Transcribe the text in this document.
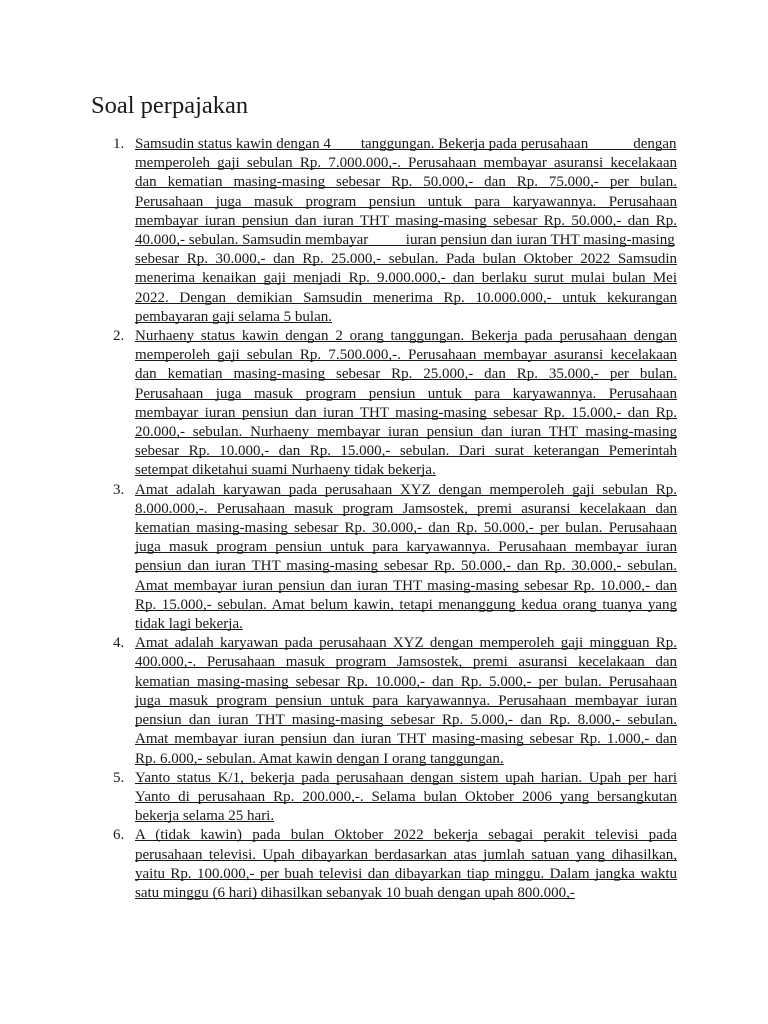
Soal perpajakan
1. Samsudin status kawin dengan 4        tanggungan. Bekerja pada perusahaan            dengan
memperoleh gaji sebulan Rp. 7.000.000,-. Perusahaan membayar asuransi kecelakaan
dan kematian masing-masing sebesar Rp. 50.000,- dan Rp. 75.000,- per bulan.
Perusahaan juga masuk program pensiun untuk para karyawannya. Perusahaan
membayar iuran pensiun dan iuran THT masing-masing sebesar Rp. 50.000,- dan Rp.
40.000,- sebulan. Samsudin membayar          iuran pensiun dan iuran THT masing-masing
sebesar Rp. 30.000,- dan Rp. 25.000,- sebulan. Pada bulan Oktober 2022 Samsudin
menerima kenaikan gaji menjadi Rp. 9.000.000,- dan berlaku surut mulai bulan Mei
2022. Dengan demikian Samsudin menerima Rp. 10.000.000,- untuk kekurangan
pembayaran gaji selama 5 bulan.
2. Nurhaeny status kawin dengan 2 orang tanggungan. Bekerja pada perusahaan dengan
memperoleh gaji sebulan Rp. 7.500.000,-. Perusahaan membayar asuransi kecelakaan
dan kematian masing-masing sebesar Rp. 25.000,- dan Rp. 35.000,- per bulan.
Perusahaan juga masuk program pensiun untuk para karyawannya. Perusahaan
membayar iuran pensiun dan iuran THT masing-masing sebesar Rp. 15.000,- dan Rp.
20.000,- sebulan. Nurhaeny membayar iuran pensiun dan iuran THT masing-masing
sebesar Rp. 10.000,- dan Rp. 15.000,- sebulan. Dari surat keterangan Pemerintah
setempat diketahui suami Nurhaeny tidak bekerja.
3. Amat adalah karyawan pada perusahaan XYZ dengan memperoleh gaji sebulan Rp.
8.000.000,-. Perusahaan masuk program Jamsostek, premi asuransi kecelakaan dan
kematian masing-masing sebesar Rp. 30.000,- dan Rp. 50.000,- per bulan. Perusahaan
juga masuk program pensiun untuk para karyawannya. Perusahaan membayar iuran
pensiun dan iuran THT masing-masing sebesar Rp. 50.000,- dan Rp. 30.000,- sebulan.
Amat membayar iuran pensiun dan iuran THT masing-masing sebesar Rp. 10.000,- dan
Rp. 15.000,- sebulan. Amat belum kawin, tetapi menanggung kedua orang tuanya yang
tidak lagi bekerja.
4. Amat adalah karyawan pada perusahaan XYZ dengan memperoleh gaji mingguan Rp.
400.000,-. Perusahaan masuk program Jamsostek, premi asuransi kecelakaan dan
kematian masing-masing sebesar Rp. 10.000,- dan Rp. 5.000,- per bulan. Perusahaan
juga masuk program pensiun untuk para karyawannya. Perusahaan membayar iuran
pensiun dan iuran THT masing-masing sebesar Rp. 5.000,- dan Rp. 8.000,- sebulan.
Amat membayar iuran pensiun dan iuran THT masing-masing sebesar Rp. 1.000,- dan
Rp. 6.000,- sebulan. Amat kawin dengan I orang tanggungan.
5. Yanto status K/1, bekerja pada perusahaan dengan sistem upah harian. Upah per hari
Yanto di perusahaan Rp. 200.000,-. Selama bulan Oktober 2006 yang bersangkutan
bekerja selama 25 hari.
6. A (tidak kawin) pada bulan Oktober 2022 bekerja sebagai perakit televisi pada
perusahaan televisi. Upah dibayarkan berdasarkan atas jumlah satuan yang dihasilkan,
yaitu Rp. 100.000,- per buah televisi dan dibayarkan tiap minggu. Dalam jangka waktu
satu minggu (6 hari) dihasilkan sebanyak 10 buah dengan upah 800.000,-
